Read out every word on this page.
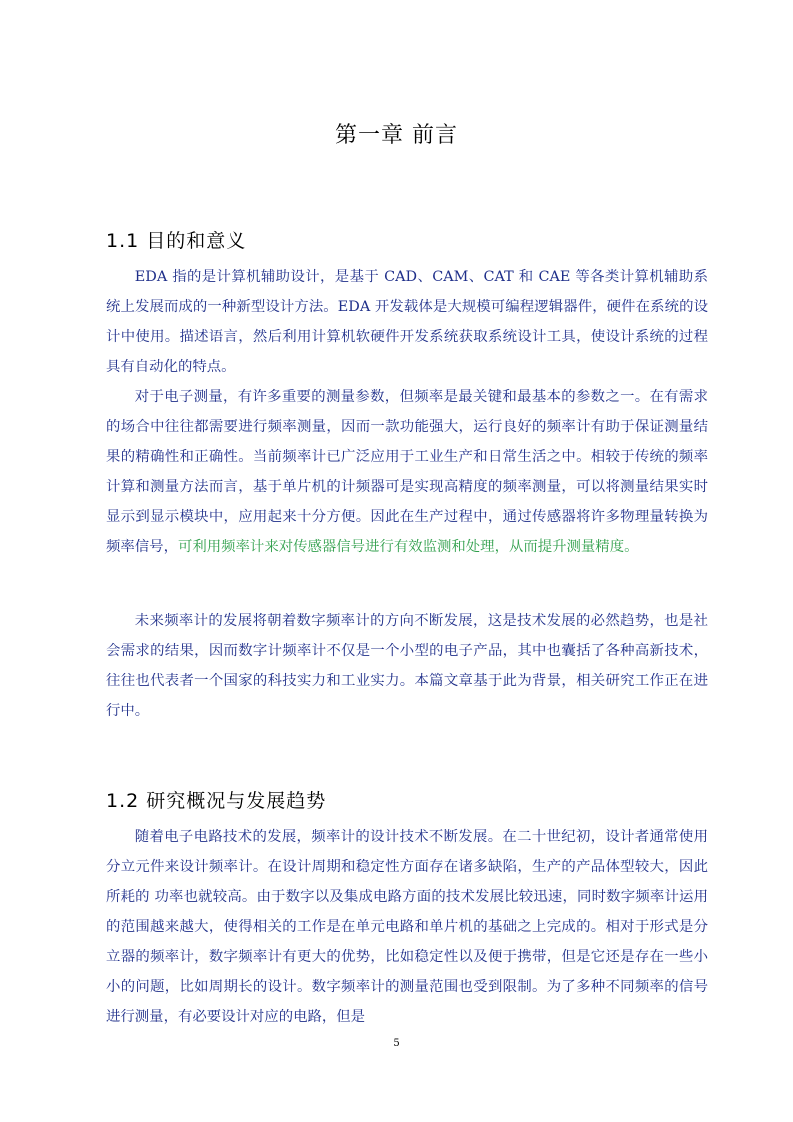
第一章 前言
1.1 目的和意义

EDA 指的是计算机辅助设计，是基于 CAD、CAM、CAT 和 CAE 等各类计算机辅助系统上发展而成的一种新型设计方法。EDA 开发载体是大规模可编程逻辑器件，硬件在系统的设计中使用。描述语言，然后利用计算机软硬件开发系统获取系统设计工具，使设计系统的过程具有自动化的特点。

对于电子测量，有许多重要的测量参数，但频率是最关键和最基本的参数之一。在有需求的场合中往往都需要进行频率测量，因而一款功能强大，运行良好的频率计有助于保证测量结果的精确性和正确性。当前频率计已广泛应用于工业生产和日常生活之中。相较于传统的频率计算和测量方法而言，基于单片机的计频器可是实现高精度的频率测量，可以将测量结果实时显示到显示模块中，应用起来十分方便。因此在生产过程中，通过传感器将许多物理量转换为频率信号，可利用频率计来对传感器信号进行有效监测和处理，从而提升测量精度。

未来频率计的发展将朝着数字频率计的方向不断发展，这是技术发展的必然趋势，也是社会需求的结果，因而数字计频率计不仅是一个小型的电子产品，其中也囊括了各种高新技术，往往也代表者一个国家的科技实力和工业实力。本篇文章基于此为背景，相关研究工作正在进行中。

1.2 研究概况与发展趋势

随着电子电路技术的发展，频率计的设计技术不断发展。在二十世纪初，设计者通常使用分立元件来设计频率计。在设计周期和稳定性方面存在诸多缺陷，生产的产品体型较大，因此所耗的 功率也就较高。由于数字以及集成电路方面的技术发展比较迅速，同时数字频率计运用的范围越来越大，使得相关的工作是在单元电路和单片机的基础之上完成的。相对于形式是分立器的频率计，数字频率计有更大的优势，比如稳定性以及便于携带，但是它还是存在一些小小的问题，比如周期长的设计。数字频率计的测量范围也受到限制。为了多种不同频率的信号进行测量，有必要设计对应的电路，但是

5
